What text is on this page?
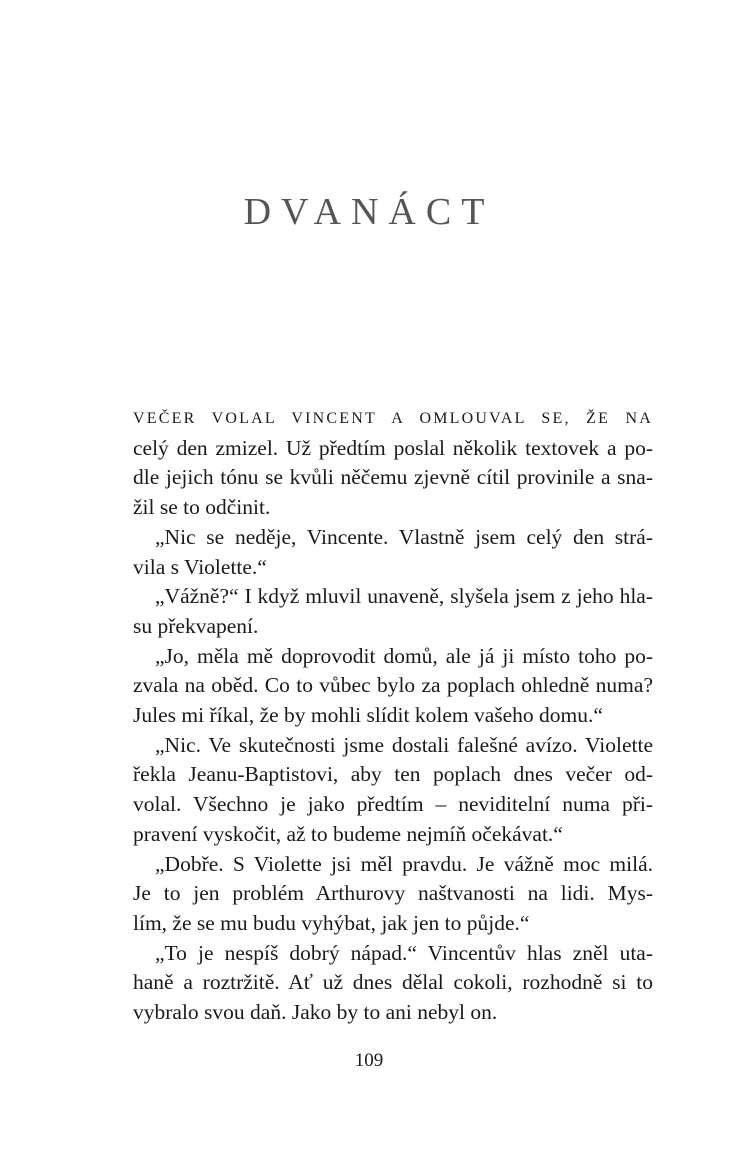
DVANÁCT
VEČER VOLAL VINCENT A OMLOUVAL SE, ŽE NA
celý den zmizel. Už předtím poslal několik textovek a po-
dle jejich tónu se kvůli něčemu zjevně cítil provinile a sna-
žil se to odčinit.
„Nic se neděje, Vincente. Vlastně jsem celý den strá-
vila s Violette.“
„Vážně?“ I když mluvil unaveně, slyšela jsem z jeho hla-
su překvapení.
„Jo, měla mě doprovodit domů, ale já ji místo toho po-
zvala na oběd. Co to vůbec bylo za poplach ohledně numa?
Jules mi říkal, že by mohli slídit kolem vašeho domu.“
„Nic. Ve skutečnosti jsme dostali falešné avízo. Violette
řekla Jeanu-Baptistovi, aby ten poplach dnes večer od-
volal. Všechno je jako předtím – neviditelní numa při-
pravení vyskočit, až to budeme nejmíň očekávat.“
„Dobře. S Violette jsi měl pravdu. Je vážně moc milá.
Je to jen problém Arthurovy naštvanosti na lidi. Mys-
lím, že se mu budu vyhýbat, jak jen to půjde.“
„To je nespíš dobrý nápad.“ Vincentův hlas zněl uta-
haně a roztržitě. Ať už dnes dělal cokoli, rozhodně si to
vybralo svou daň. Jako by to ani nebyl on.
109
